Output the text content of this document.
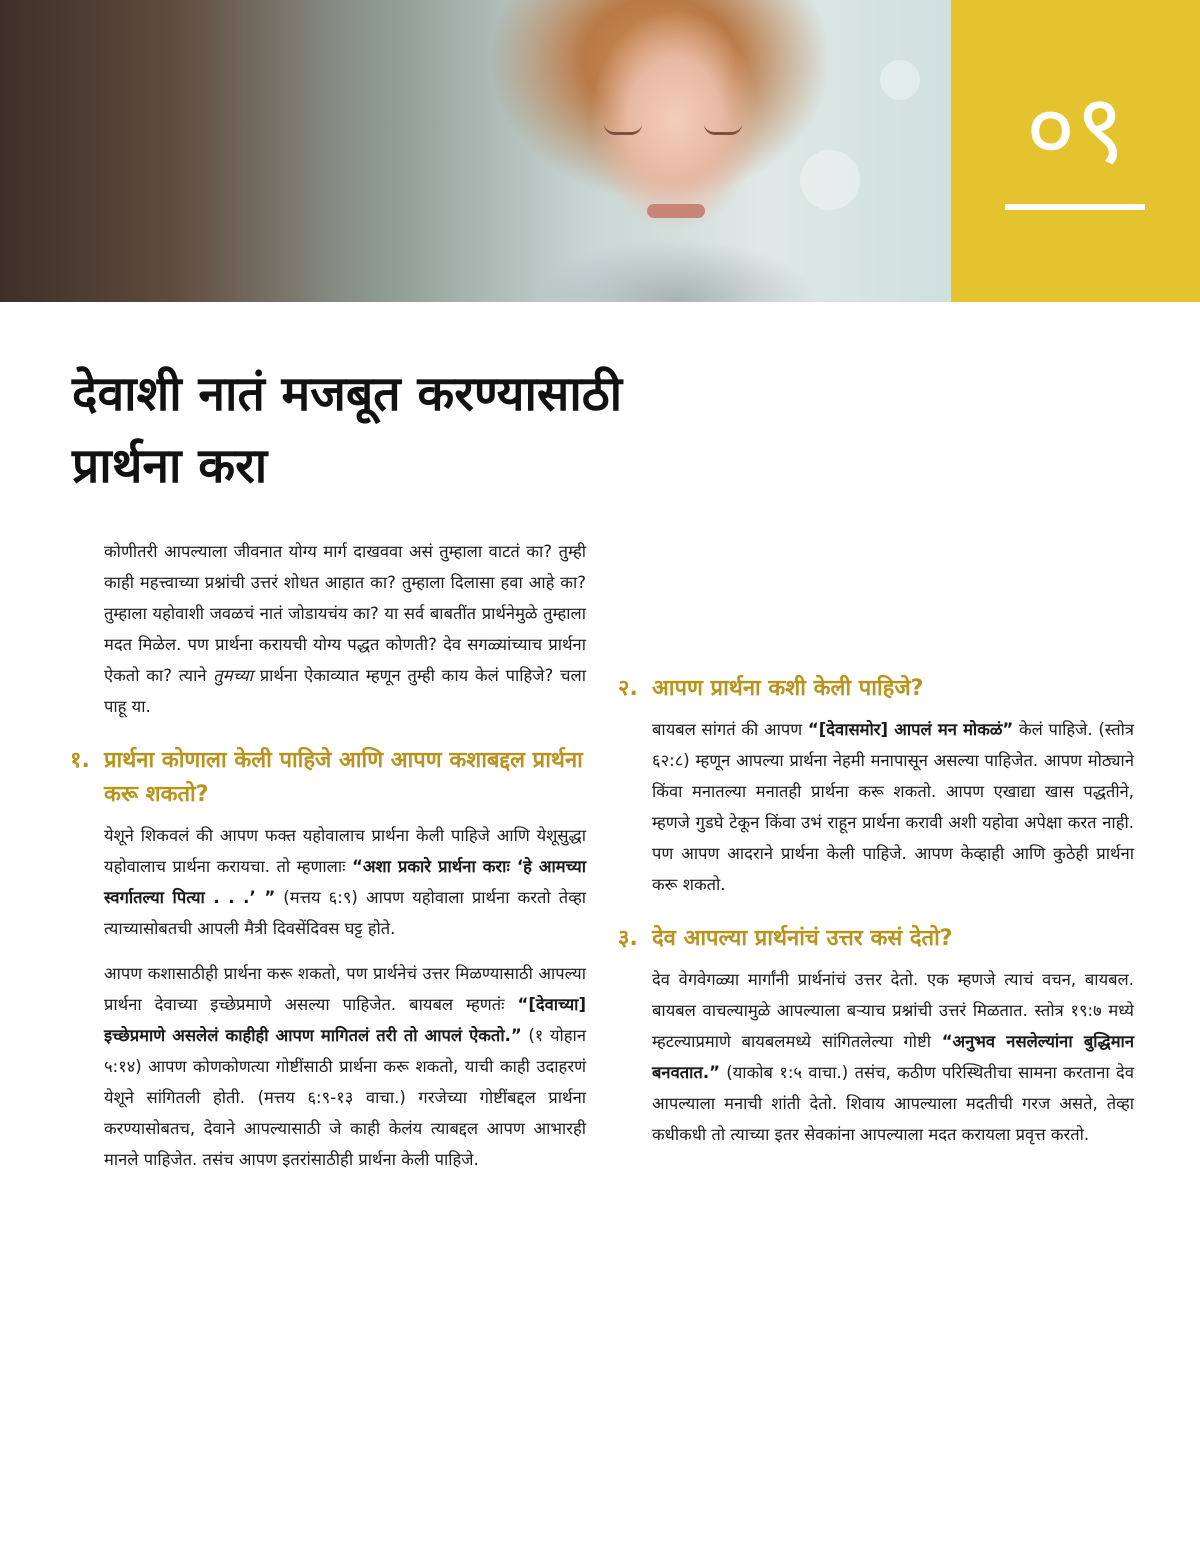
०९
देवाशी नातं मजबूत करण्यासाठी
प्रार्थना करा

कोणीतरी आपल्याला जीवनात योग्य मार्ग दाखववा असं तुम्हाला वाटतं का? तुम्ही काही महत्त्वाच्या प्रश्नांची उत्तरं शोधत आहात का? तुम्हाला दिलासा हवा आहे का? तुम्हाला यहोवाशी जवळचं नातं जोडायचंय का? या सर्व बाबतींत प्रार्थनेमुळे तुम्हाला मदत मिळेल. पण प्रार्थना करायची योग्य पद्धत कोणती? देव सगळ्यांच्याच प्रार्थना ऐकतो का? त्याने तुमच्या प्रार्थना ऐकाव्यात म्हणून तुम्ही काय केलं पाहिजे? चला पाहू या.

१. प्रार्थना कोणाला केली पाहिजे आणि आपण कशाबद्दल प्रार्थना करू शकतो?

येशूने शिकवलं की आपण फक्त यहोवालाच प्रार्थना केली पाहिजे आणि येशूसुद्धा यहोवालाच प्रार्थना करायचा. तो म्हणालाः “अशा प्रकारे प्रार्थना कराः ‘हे आमच्या स्वर्गातल्या पित्या . . .’ ” (मत्तय ६:९) आपण यहोवाला प्रार्थना करतो तेव्हा त्याच्यासोबतची आपली मैत्री दिवसेंदिवस घट्ट होते.

आपण कशासाठीही प्रार्थना करू शकतो, पण प्रार्थनेचं उत्तर मिळण्यासाठी आपल्या प्रार्थना देवाच्या इच्छेप्रमाणे असल्या पाहिजेत. बायबल म्हणतंः “[देवाच्या] इच्छेप्रमाणे असलेलं काहीही आपण मागितलं तरी तो आपलं ऐकतो.” (१ योहान ५:१४) आपण कोणकोणत्या गोष्टींसाठी प्रार्थना करू शकतो, याची काही उदाहरणं येशूने सांगितली होती. (मत्तय ६:९-१३ वाचा.) गरजेच्या गोष्टींबद्दल प्रार्थना करण्यासोबतच, देवाने आपल्यासाठी जे काही केलंय त्याबद्दल आपण आभारही मानले पाहिजेत. तसंच आपण इतरांसाठीही प्रार्थना केली पाहिजे.

२. आपण प्रार्थना कशी केली पाहिजे?

बायबल सांगतं की आपण “[देवासमोर] आपलं मन मोकळं” केलं पाहिजे. (स्तोत्र ६२:८) म्हणून आपल्या प्रार्थना नेहमी मनापासून असल्या पाहिजेत. आपण मोठ्याने किंवा मनातल्या मनातही प्रार्थना करू शकतो. आपण एखाद्या खास पद्धतीने, म्हणजे गुडघे टेकून किंवा उभं राहून प्रार्थना करावी अशी यहोवा अपेक्षा करत नाही. पण आपण आदराने प्रार्थना केली पाहिजे. आपण केव्हाही आणि कुठेही प्रार्थना करू शकतो.

३. देव आपल्या प्रार्थनांचं उत्तर कसं देतो?

देव वेगवेगळ्या मार्गांनी प्रार्थनांचं उत्तर देतो. एक म्हणजे त्याचं वचन, बायबल. बायबल वाचल्यामुळे आपल्याला बऱ्याच प्रश्नांची उत्तरं मिळतात. स्तोत्र १९:७ मध्ये म्हटल्याप्रमाणे बायबलमध्ये सांगितलेल्या गोष्टी “अनुभव नसलेल्यांना बुद्धिमान बनवतात.” (याकोब १:५ वाचा.) तसंच, कठीण परिस्थितीचा सामना करताना देव आपल्याला मनाची शांती देतो. शिवाय आपल्याला मदतीची गरज असते, तेव्हा कधीकधी तो त्याच्या इतर सेवकांना आपल्याला मदत करायला प्रवृत्त करतो.
